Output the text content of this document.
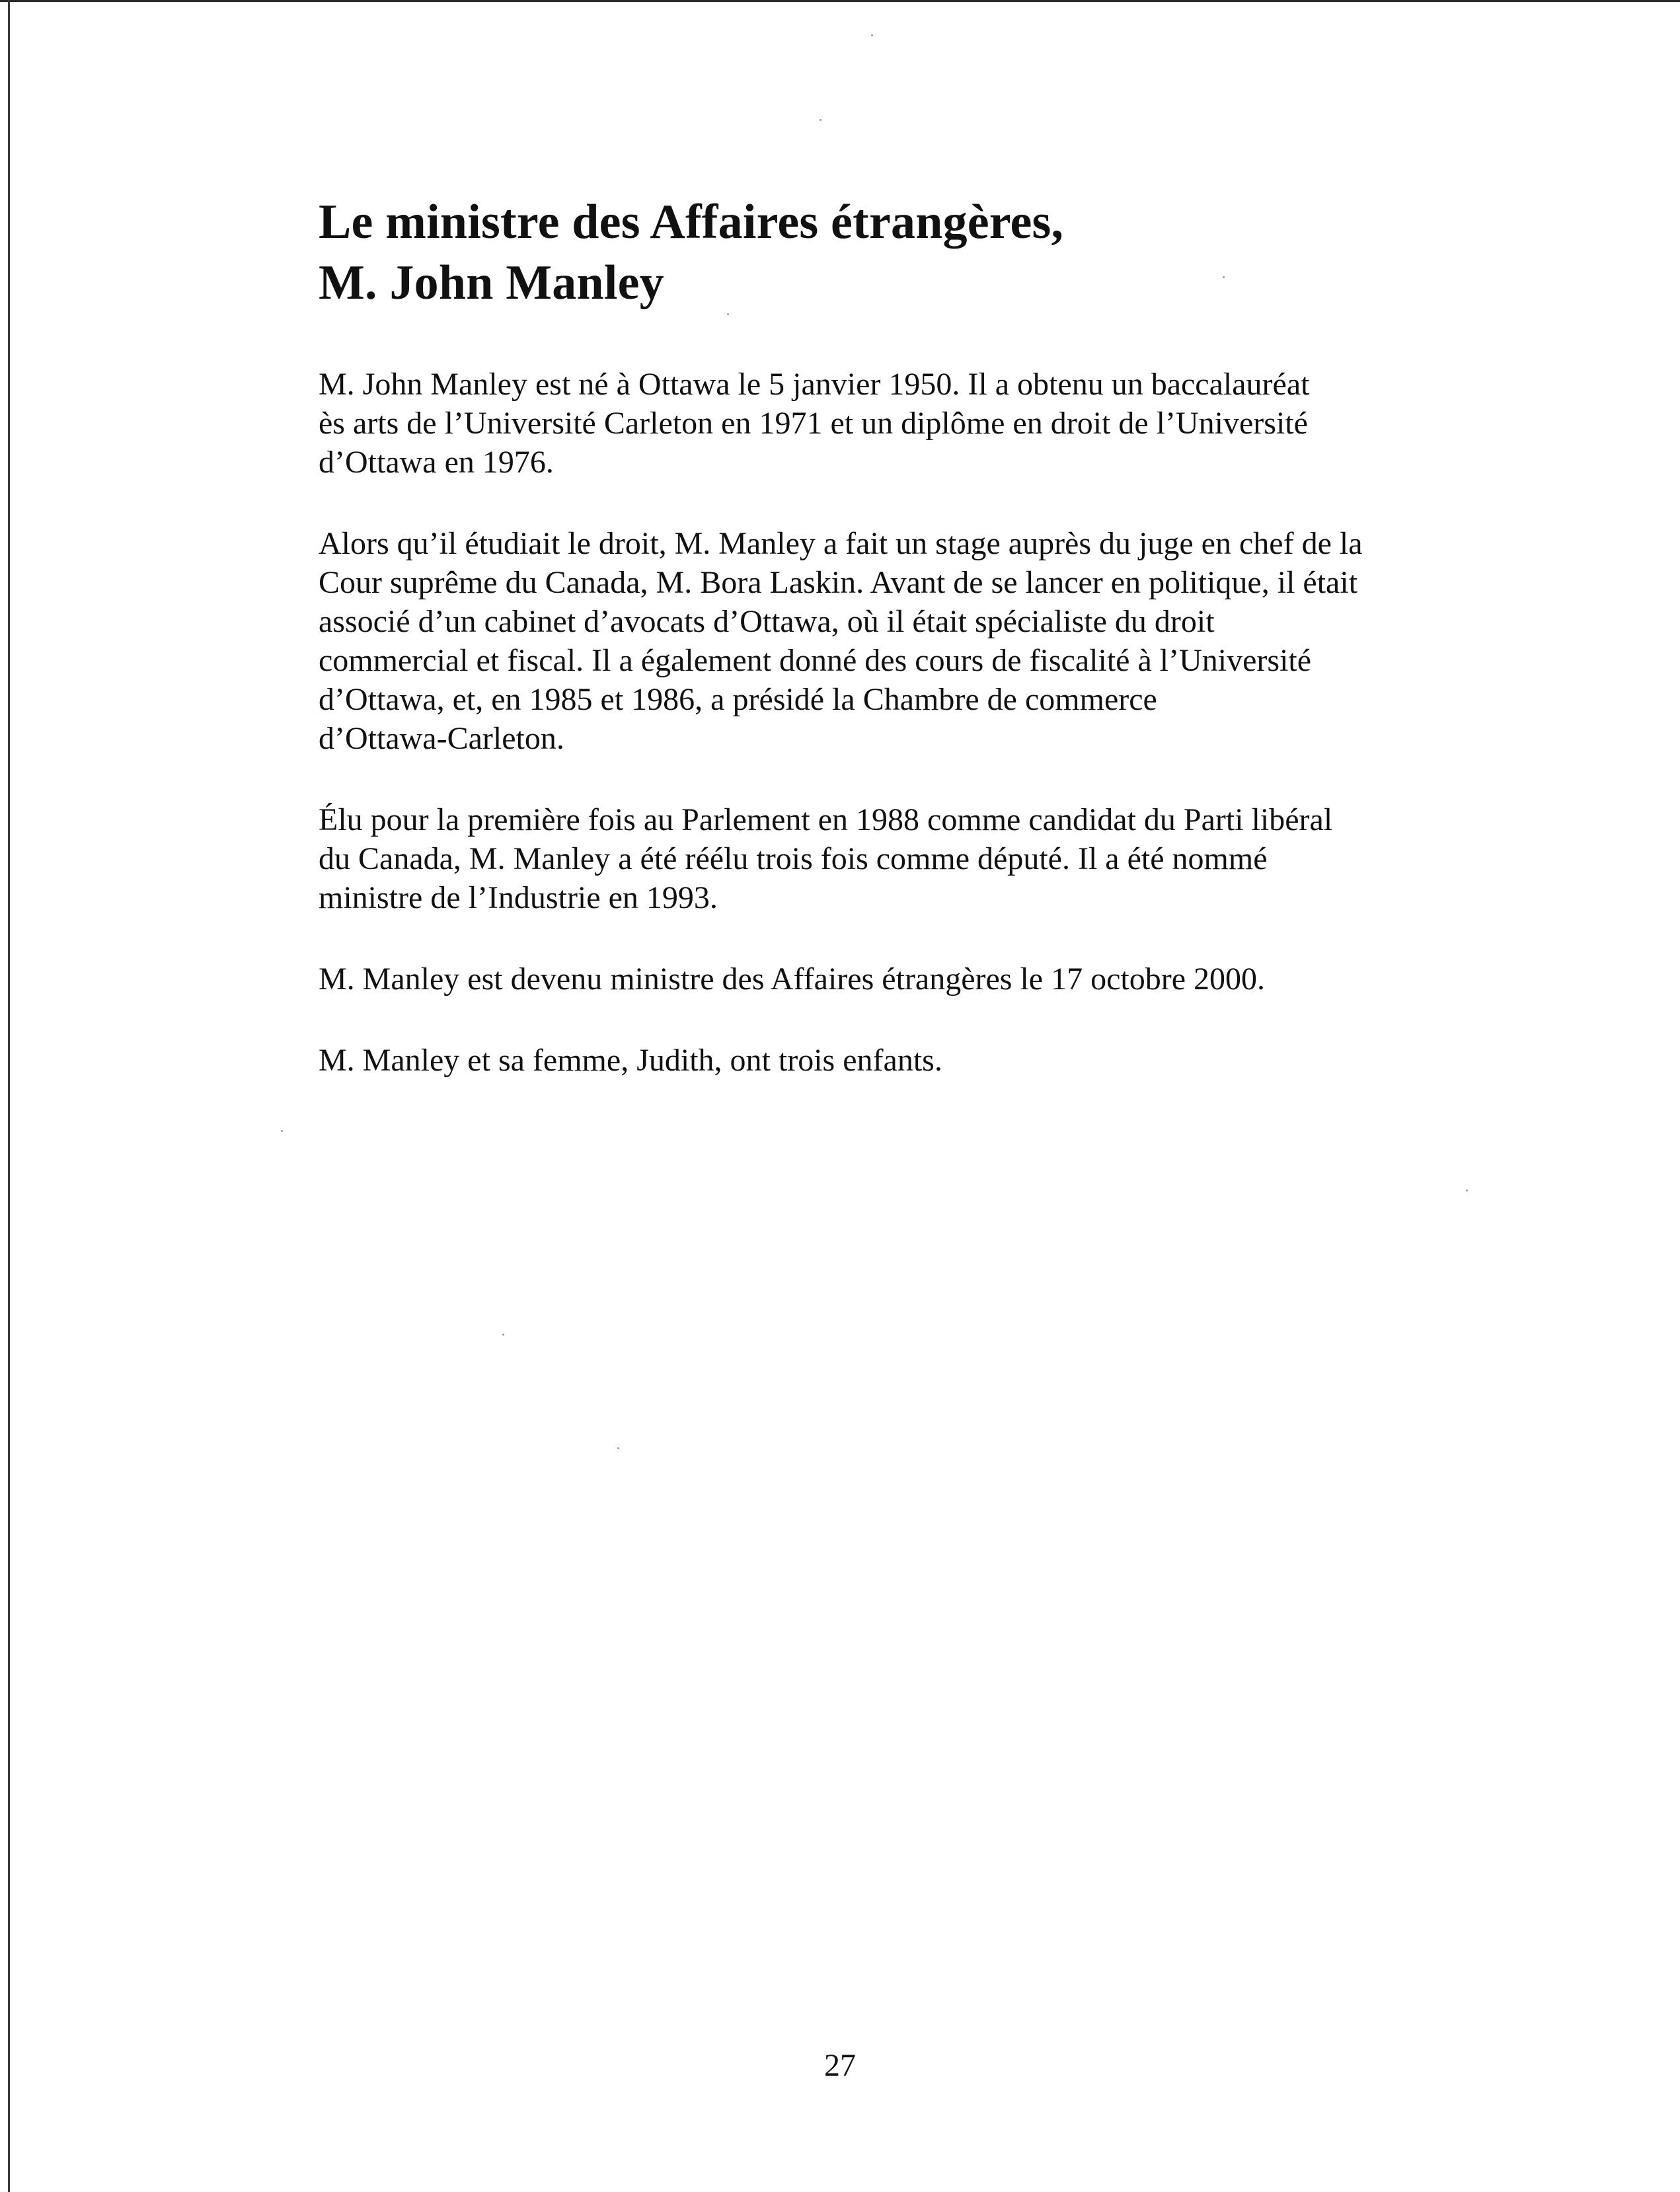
Le ministre des Affaires étrangères,
M. John Manley

M. John Manley est né à Ottawa le 5 janvier 1950. Il a obtenu un baccalauréat
ès arts de l’Université Carleton en 1971 et un diplôme en droit de l’Université
d’Ottawa en 1976.

Alors qu’il étudiait le droit, M. Manley a fait un stage auprès du juge en chef de la
Cour suprême du Canada, M. Bora Laskin. Avant de se lancer en politique, il était
associé d’un cabinet d’avocats d’Ottawa, où il était spécialiste du droit
commercial et fiscal. Il a également donné des cours de fiscalité à l’Université
d’Ottawa, et, en 1985 et 1986, a présidé la Chambre de commerce
d’Ottawa-Carleton.

Élu pour la première fois au Parlement en 1988 comme candidat du Parti libéral
du Canada, M. Manley a été réélu trois fois comme député. Il a été nommé
ministre de l’Industrie en 1993.

M. Manley est devenu ministre des Affaires étrangères le 17 octobre 2000.

M. Manley et sa femme, Judith, ont trois enfants.

27
